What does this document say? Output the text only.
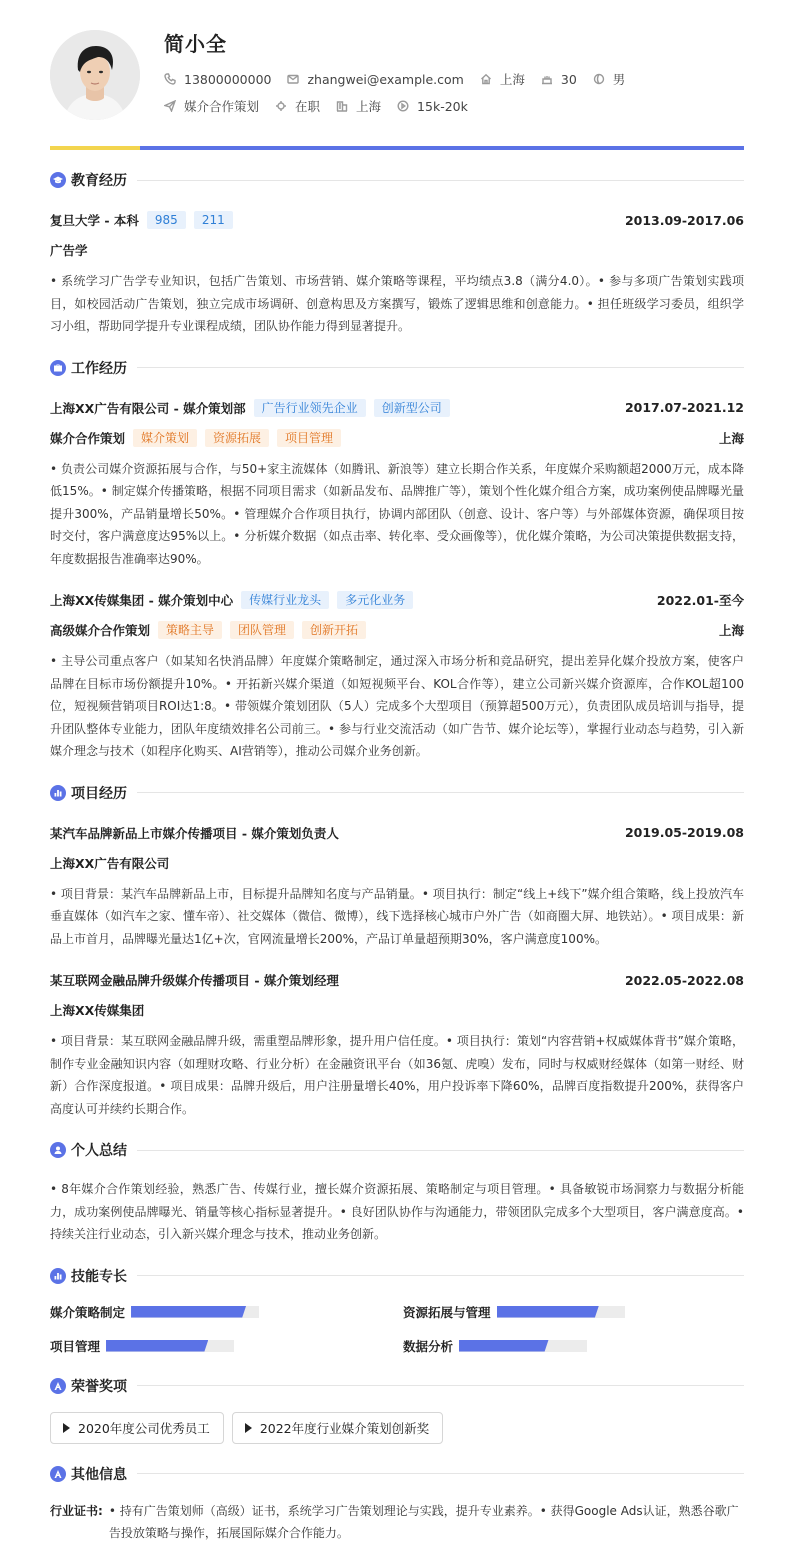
简小全
13800000000	zhangwei@example.com	上海	30	男
媒介合作策划	在职	上海	15k-20k
教育经历
复旦大学 - 本科	985	211	2013.09-2017.06
广告学
• 系统学习广告学专业知识，包括广告策划、市场营销、媒介策略等课程，平均绩点3.8（满分4.0）。• 参与多项广告策划实践项目，如校园活动广告策划，独立完成市场调研、创意构思及方案撰写，锻炼了逻辑思维和创意能力。• 担任班级学习委员，组织学习小组，帮助同学提升专业课程成绩，团队协作能力得到显著提升。
工作经历
上海XX广告有限公司 - 媒介策划部	广告行业领先企业	创新型公司	2017.07-2021.12
媒介合作策划	媒介策划	资源拓展	项目管理	上海
• 负责公司媒介资源拓展与合作，与50+家主流媒体（如腾讯、新浪等）建立长期合作关系，年度媒介采购额超2000万元，成本降低15%。• 制定媒介传播策略，根据不同项目需求（如新品发布、品牌推广等），策划个性化媒介组合方案，成功案例使品牌曝光量提升300%，产品销量增长50%。• 管理媒介合作项目执行，协调内部团队（创意、设计、客户等）与外部媒体资源，确保项目按时交付，客户满意度达95%以上。• 分析媒介数据（如点击率、转化率、受众画像等），优化媒介策略，为公司决策提供数据支持，年度数据报告准确率达90%。
上海XX传媒集团 - 媒介策划中心	传媒行业龙头	多元化业务	2022.01-至今
高级媒介合作策划	策略主导	团队管理	创新开拓	上海
• 主导公司重点客户（如某知名快消品牌）年度媒介策略制定，通过深入市场分析和竞品研究，提出差异化媒介投放方案，使客户品牌在目标市场份额提升10%。• 开拓新兴媒介渠道（如短视频平台、KOL合作等），建立公司新兴媒介资源库，合作KOL超100位，短视频营销项目ROI达1:8。• 带领媒介策划团队（5人）完成多个大型项目（预算超500万元），负责团队成员培训与指导，提升团队整体专业能力，团队年度绩效排名公司前三。• 参与行业交流活动（如广告节、媒介论坛等），掌握行业动态与趋势，引入新媒介理念与技术（如程序化购买、AI营销等），推动公司媒介业务创新。
项目经历
某汽车品牌新品上市媒介传播项目 - 媒介策划负责人	2019.05-2019.08
上海XX广告有限公司
• 项目背景：某汽车品牌新品上市，目标提升品牌知名度与产品销量。• 项目执行：制定“线上+线下”媒介组合策略，线上投放汽车垂直媒体（如汽车之家、懂车帝）、社交媒体（微信、微博），线下选择核心城市户外广告（如商圈大屏、地铁站）。• 项目成果：新品上市首月，品牌曝光量达1亿+次，官网流量增长200%，产品订单量超预期30%，客户满意度100%。
某互联网金融品牌升级媒介传播项目 - 媒介策划经理	2022.05-2022.08
上海XX传媒集团
• 项目背景：某互联网金融品牌升级，需重塑品牌形象，提升用户信任度。• 项目执行：策划“内容营销+权威媒体背书”媒介策略，制作专业金融知识内容（如理财攻略、行业分析）在金融资讯平台（如36氪、虎嗅）发布，同时与权威财经媒体（如第一财经、财新）合作深度报道。• 项目成果：品牌升级后，用户注册量增长40%，用户投诉率下降60%，品牌百度指数提升200%，获得客户高度认可并续约长期合作。
个人总结
• 8年媒介合作策划经验，熟悉广告、传媒行业，擅长媒介资源拓展、策略制定与项目管理。• 具备敏锐市场洞察力与数据分析能力，成功案例使品牌曝光、销量等核心指标显著提升。• 良好团队协作与沟通能力，带领团队完成多个大型项目，客户满意度高。• 持续关注行业动态，引入新兴媒介理念与技术，推动业务创新。
技能专长
媒介策略制定	资源拓展与管理
项目管理	数据分析
荣誉奖项
2020年度公司优秀员工	2022年度行业媒介策划创新奖
其他信息
行业证书: • 持有广告策划师（高级）证书，系统学习广告策划理论与实践，提升专业素养。• 获得Google Ads认证，熟悉谷歌广告投放策略与操作，拓展国际媒介合作能力。
